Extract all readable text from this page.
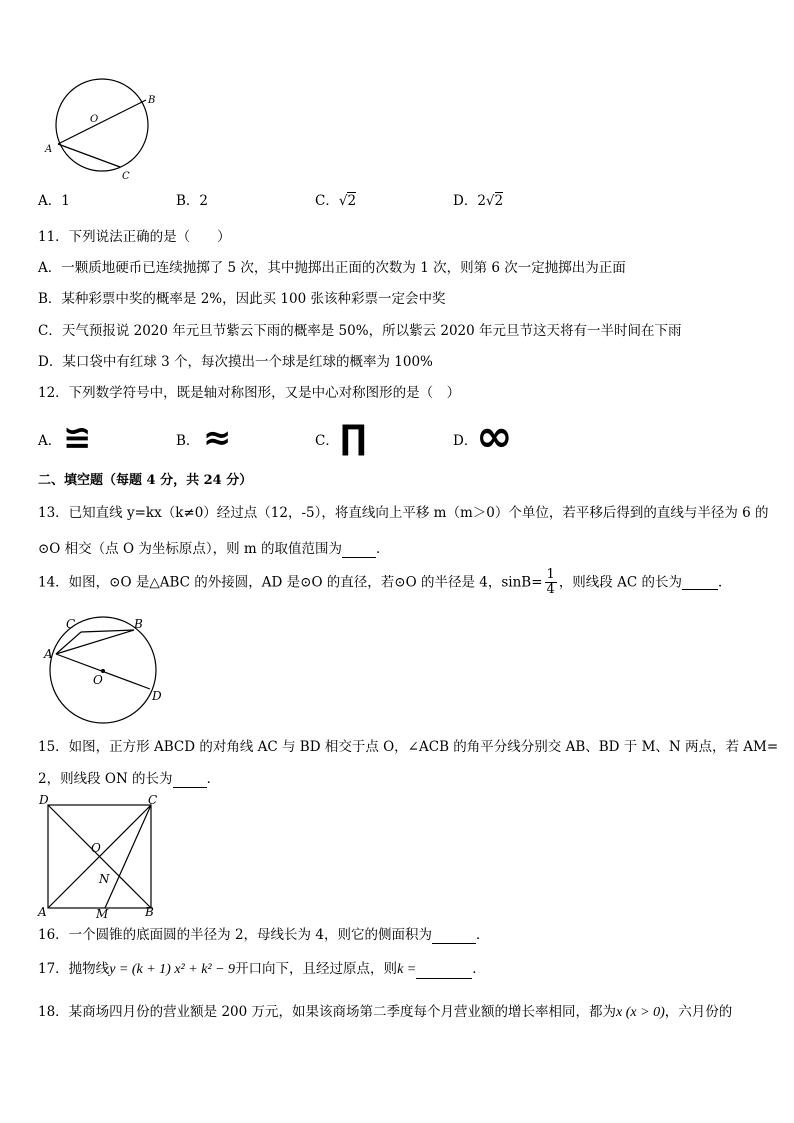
O
B
A
C
A．1	B．2	C．√2	D．2√2
11．下列说法正确的是（　　）
A．一颗质地硬币已连续抛掷了 5 次，其中抛掷出正面的次数为 1 次，则第 6 次一定抛掷出为正面
B．某种彩票中奖的概率是 2%，因此买 100 张该种彩票一定会中奖
C．天气预报说 2020 年元旦节紫云下雨的概率是 50%，所以紫云 2020 年元旦节这天将有一半时间在下雨
D．某口袋中有红球 3 个，每次摸出一个球是红球的概率为 100%
12．下列数学符号中，既是轴对称图形，又是中心对称图形的是（　）
A． ≌	B． ≈	C． ∏	D．
∞
二、填空题（每题 4 分，共 24 分）
13．已知直线 y=kx（k≠0）经过点（12，-5），将直线向上平移 m（m＞0）个单位，若平移后得到的直线与半径为 6 的
⊙O 相交（点 O 为坐标原点），则 m 的取值范围为	．
14．如图，⊙O 是△ABC 的外接圆，AD 是⊙O 的直径，若⊙O 的半径是 4，$\sin B= \frac{1}{4}$ ，则线段 AC 的长为	．
C	B
A
O
D
15．如图，正方形 ABCD 的对角线 AC 与 BD 相交于点 O，∠ACB 的角平分线分别交 AB、BD 于 M、N 两点，若 AM=
2，则线段 ON 的长为	．
D	C
O
N
A	M	B
16．一个圆锥的底面圆的半径为 2，母线长为 4，则它的侧面积为	．
17．抛物线y = (k + 1) x² + k² − 9开口向下，且经过原点，则k =	．
18．某商场四月份的营业额是 200 万元，如果该商场第二季度每个月营业额的增长率相同，都为x (x > 0)，六月份的
